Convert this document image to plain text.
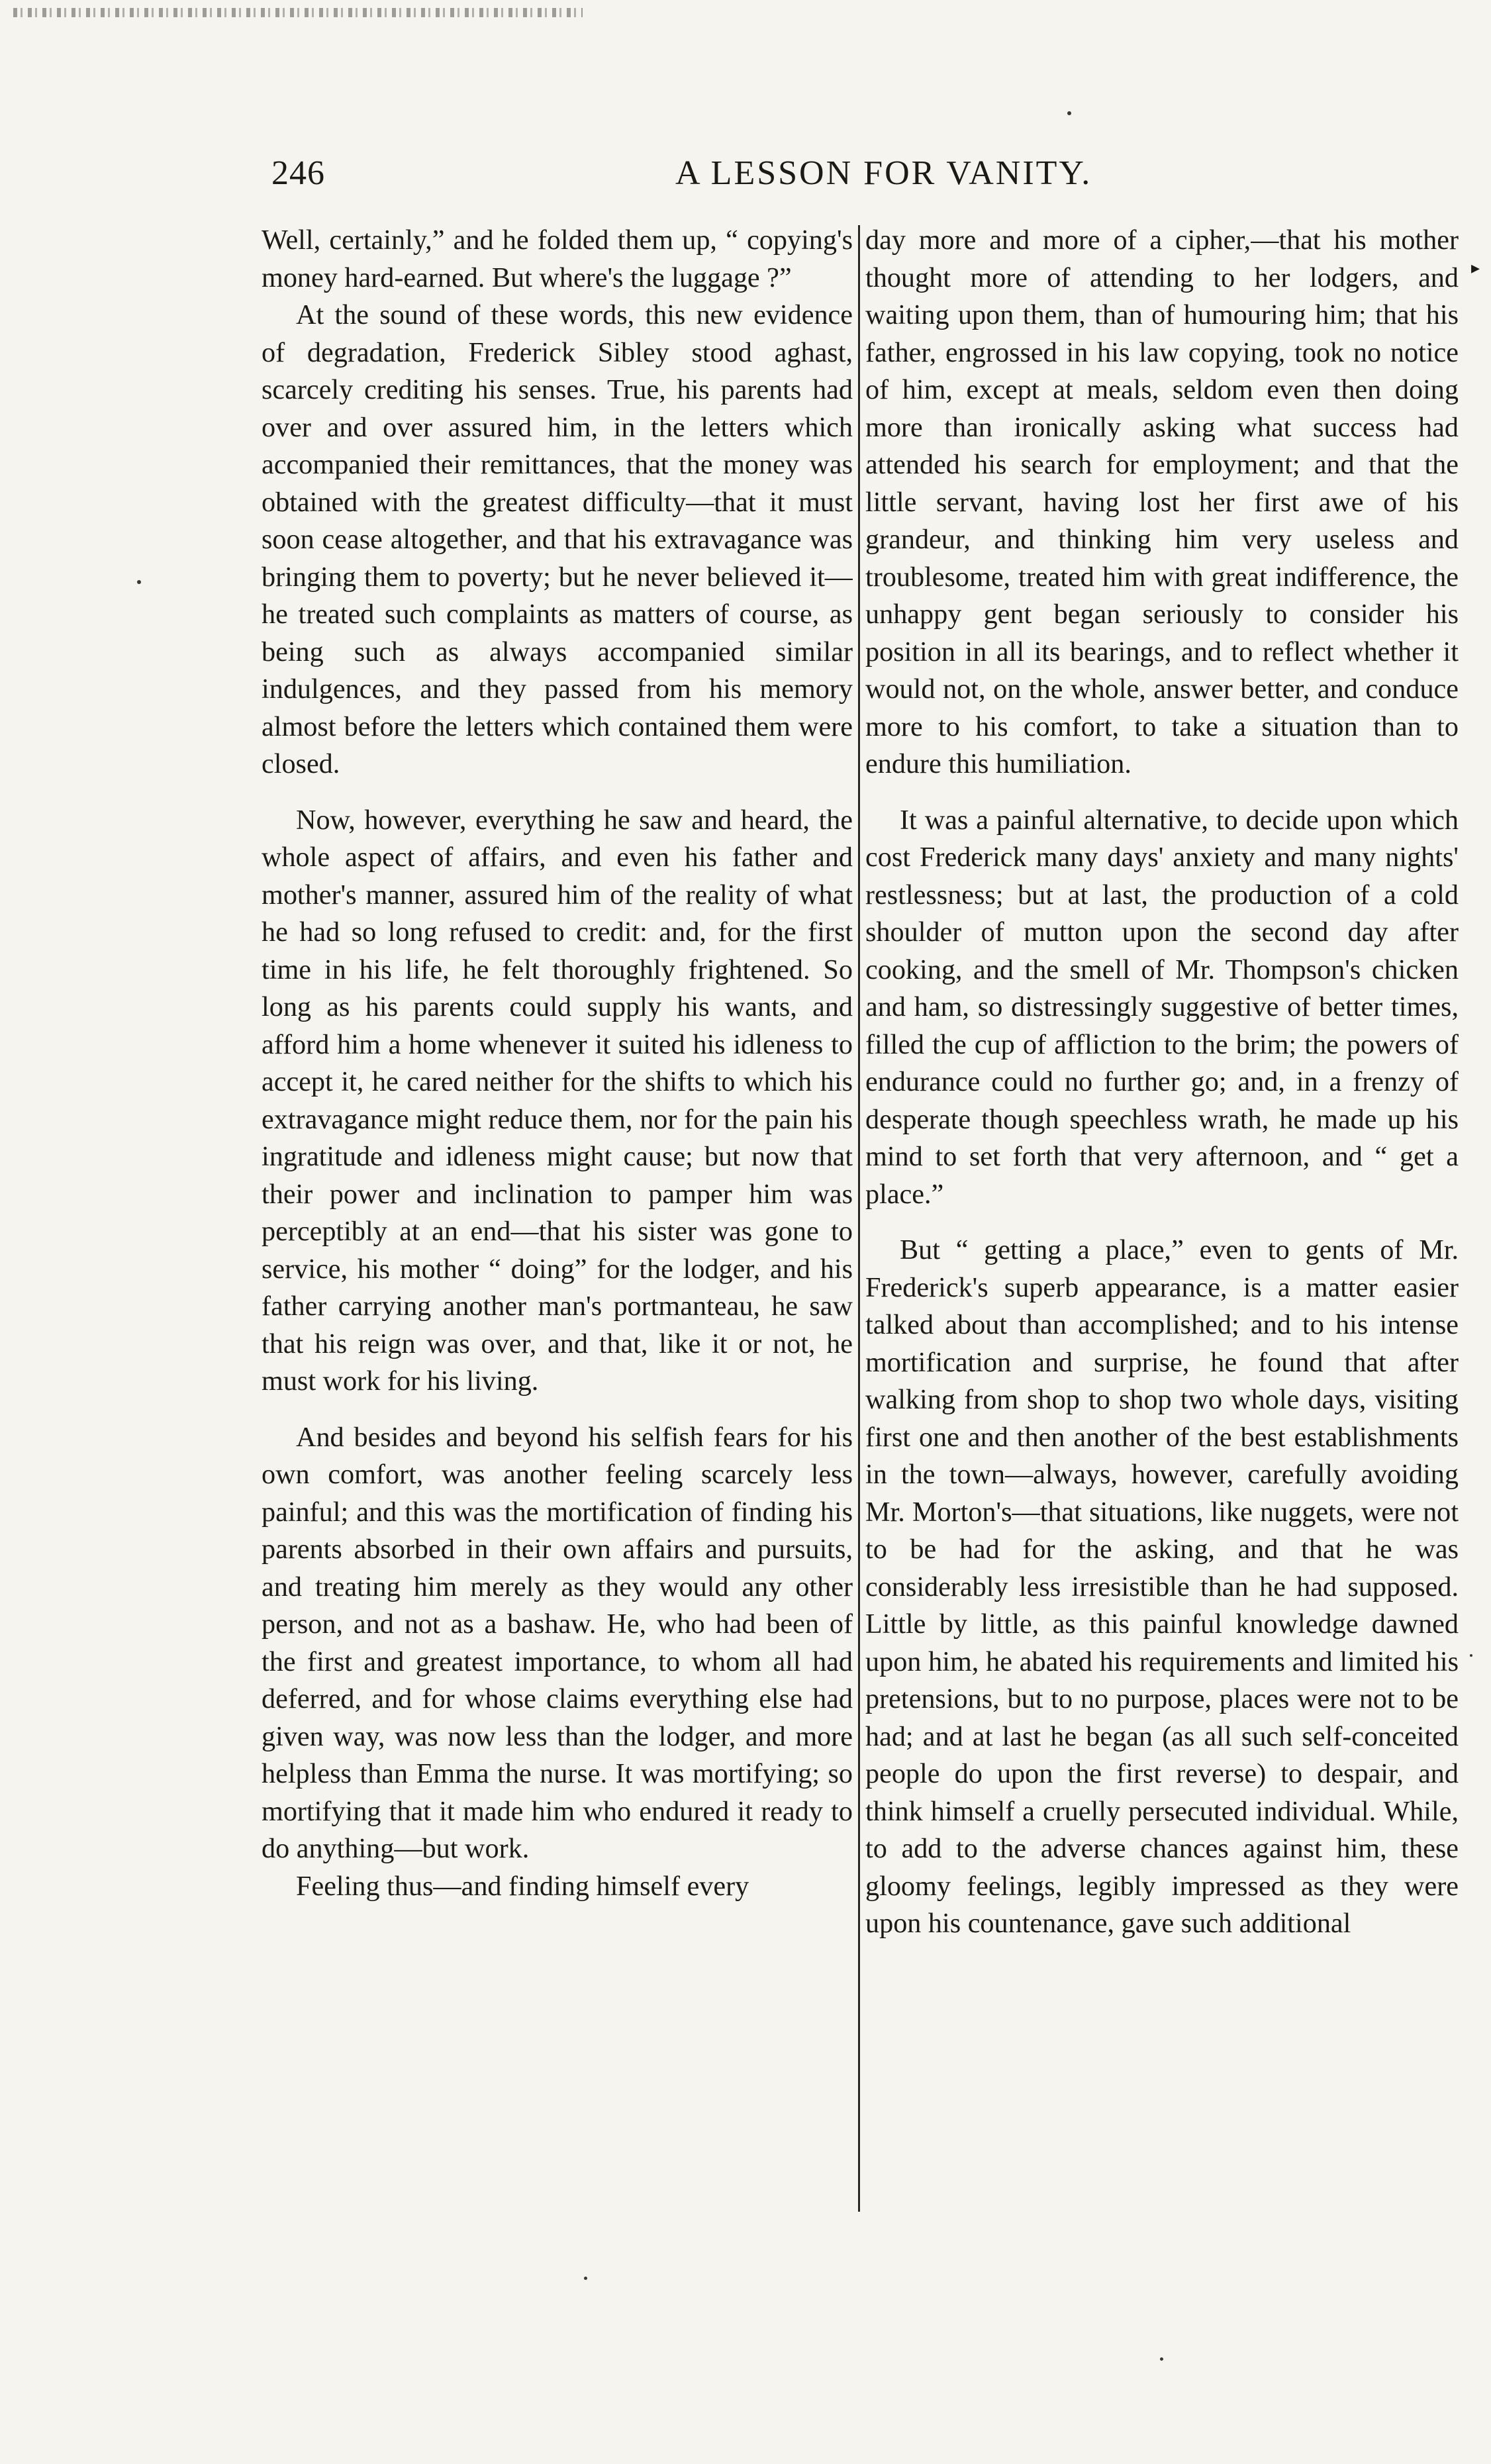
▸
246	A LESSON FOR VANITY.

Well, certainly,” and he folded them up, “ copying's money hard-earned. But where's the luggage ?”

At the sound of these words, this new evidence of degradation, Frederick Sibley stood aghast, scarcely crediting his senses. True, his parents had over and over assured him, in the letters which accompanied their remittances, that the money was obtained with the greatest difficulty—that it must soon cease altogether, and that his extravagance was bringing them to poverty; but he never believed it—he treated such complaints as matters of course, as being such as always accompanied similar indulgences, and they passed from his memory almost before the letters which contained them were closed.

Now, however, everything he saw and heard, the whole aspect of affairs, and even his father and mother's manner, assured him of the reality of what he had so long refused to credit: and, for the first time in his life, he felt thoroughly frightened. So long as his parents could supply his wants, and afford him a home whenever it suited his idleness to accept it, he cared neither for the shifts to which his extravagance might reduce them, nor for the pain his ingratitude and idleness might cause; but now that their power and inclination to pamper him was perceptibly at an end—that his sister was gone to service, his mother “ doing” for the lodger, and his father carrying another man's portmanteau, he saw that his reign was over, and that, like it or not, he must work for his living.

And besides and beyond his selfish fears for his own comfort, was another feeling scarcely less painful; and this was the mortification of finding his parents absorbed in their own affairs and pursuits, and treating him merely as they would any other person, and not as a bashaw. He, who had been of the first and greatest importance, to whom all had deferred, and for whose claims everything else had given way, was now less than the lodger, and more helpless than Emma the nurse. It was mortifying; so mortifying that it made him who endured it ready to do anything—but work.

Feeling thus—and finding himself every

day more and more of a cipher,—that his mother thought more of attending to her lodgers, and waiting upon them, than of humouring him; that his father, engrossed in his law copying, took no notice of him, except at meals, seldom even then doing more than ironically asking what success had attended his search for employment; and that the little servant, having lost her first awe of his grandeur, and thinking him very useless and troublesome, treated him with great indifference, the unhappy gent began seriously to consider his position in all its bearings, and to reflect whether it would not, on the whole, answer better, and conduce more to his comfort, to take a situation than to endure this humiliation.

It was a painful alternative, to decide upon which cost Frederick many days' anxiety and many nights' restlessness; but at last, the production of a cold shoulder of mutton upon the second day after cooking, and the smell of Mr. Thompson's chicken and ham, so distressingly suggestive of better times, filled the cup of affliction to the brim; the powers of endurance could no further go; and, in a frenzy of desperate though speechless wrath, he made up his mind to set forth that very afternoon, and “ get a place.”

But “ getting a place,” even to gents of Mr. Frederick's superb appearance, is a matter easier talked about than accomplished; and to his intense mortification and surprise, he found that after walking from shop to shop two whole days, visiting first one and then another of the best establishments in the town—always, however, carefully avoiding Mr. Morton's—that situations, like nuggets, were not to be had for the asking, and that he was considerably less irresistible than he had supposed. Little by little, as this painful knowledge dawned upon him, he abated his requirements and limited his pretensions, but to no purpose, places were not to be had; and at last he began (as all such self-conceited people do upon the first reverse) to despair, and think himself a cruelly persecuted individual. While, to add to the adverse chances against him, these gloomy feelings, legibly impressed as they were upon his countenance, gave such additional
